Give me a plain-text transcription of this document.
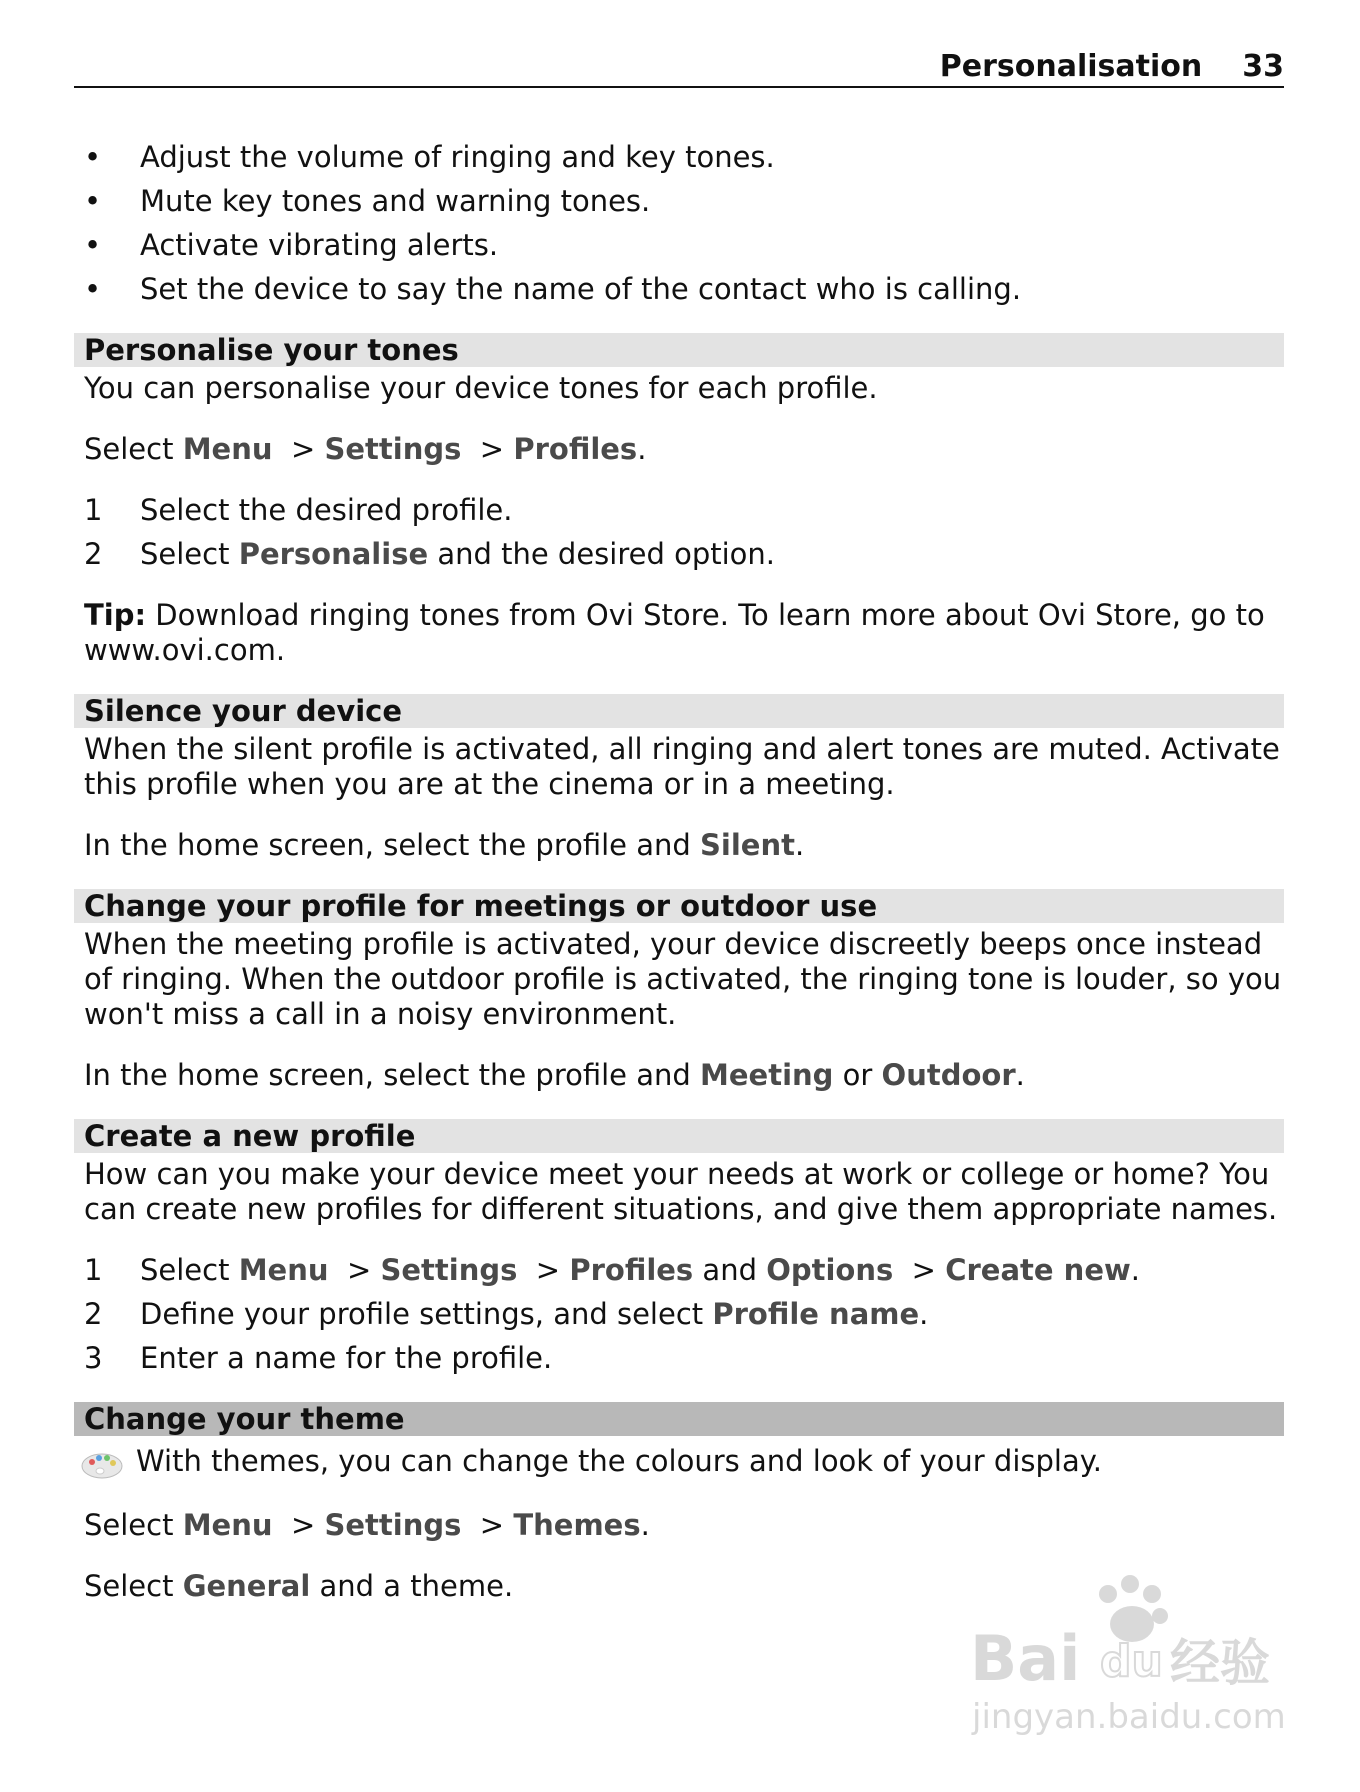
Personalisation 33
• Adjust the volume of ringing and key tones.
• Mute key tones and warning tones.
• Activate vibrating alerts.
• Set the device to say the name of the contact who is calling.
Personalise your tones

You can personalise your device tones for each profile.

Select Menu  > Settings  > Profiles.

1 Select the desired profile.
2 Select Personalise and the desired option.

Tip: Download ringing tones from Ovi Store. To learn more about Ovi Store, go to www.ovi.com.

Silence your device

When the silent profile is activated, all ringing and alert tones are muted. Activate this profile when you are at the cinema or in a meeting.

In the home screen, select the profile and Silent.

Change your profile for meetings or outdoor use

When the meeting profile is activated, your device discreetly beeps once instead of ringing. When the outdoor profile is activated, the ringing tone is louder, so you won't miss a call in a noisy environment.

In the home screen, select the profile and Meeting or Outdoor.

Create a new profile

How can you make your device meet your needs at work or college or home? You can create new profiles for different situations, and give them appropriate names.

1 Select Menu  > Settings  > Profiles and Options  > Create new.
2 Define your profile settings, and select Profile name.
3 Enter a name for the profile.
Change your theme
With themes, you can change the colours and look of your display.

Select Menu  > Settings  > Themes.

Select General and a theme.

Bai du 经验
jingyan.baidu.com
